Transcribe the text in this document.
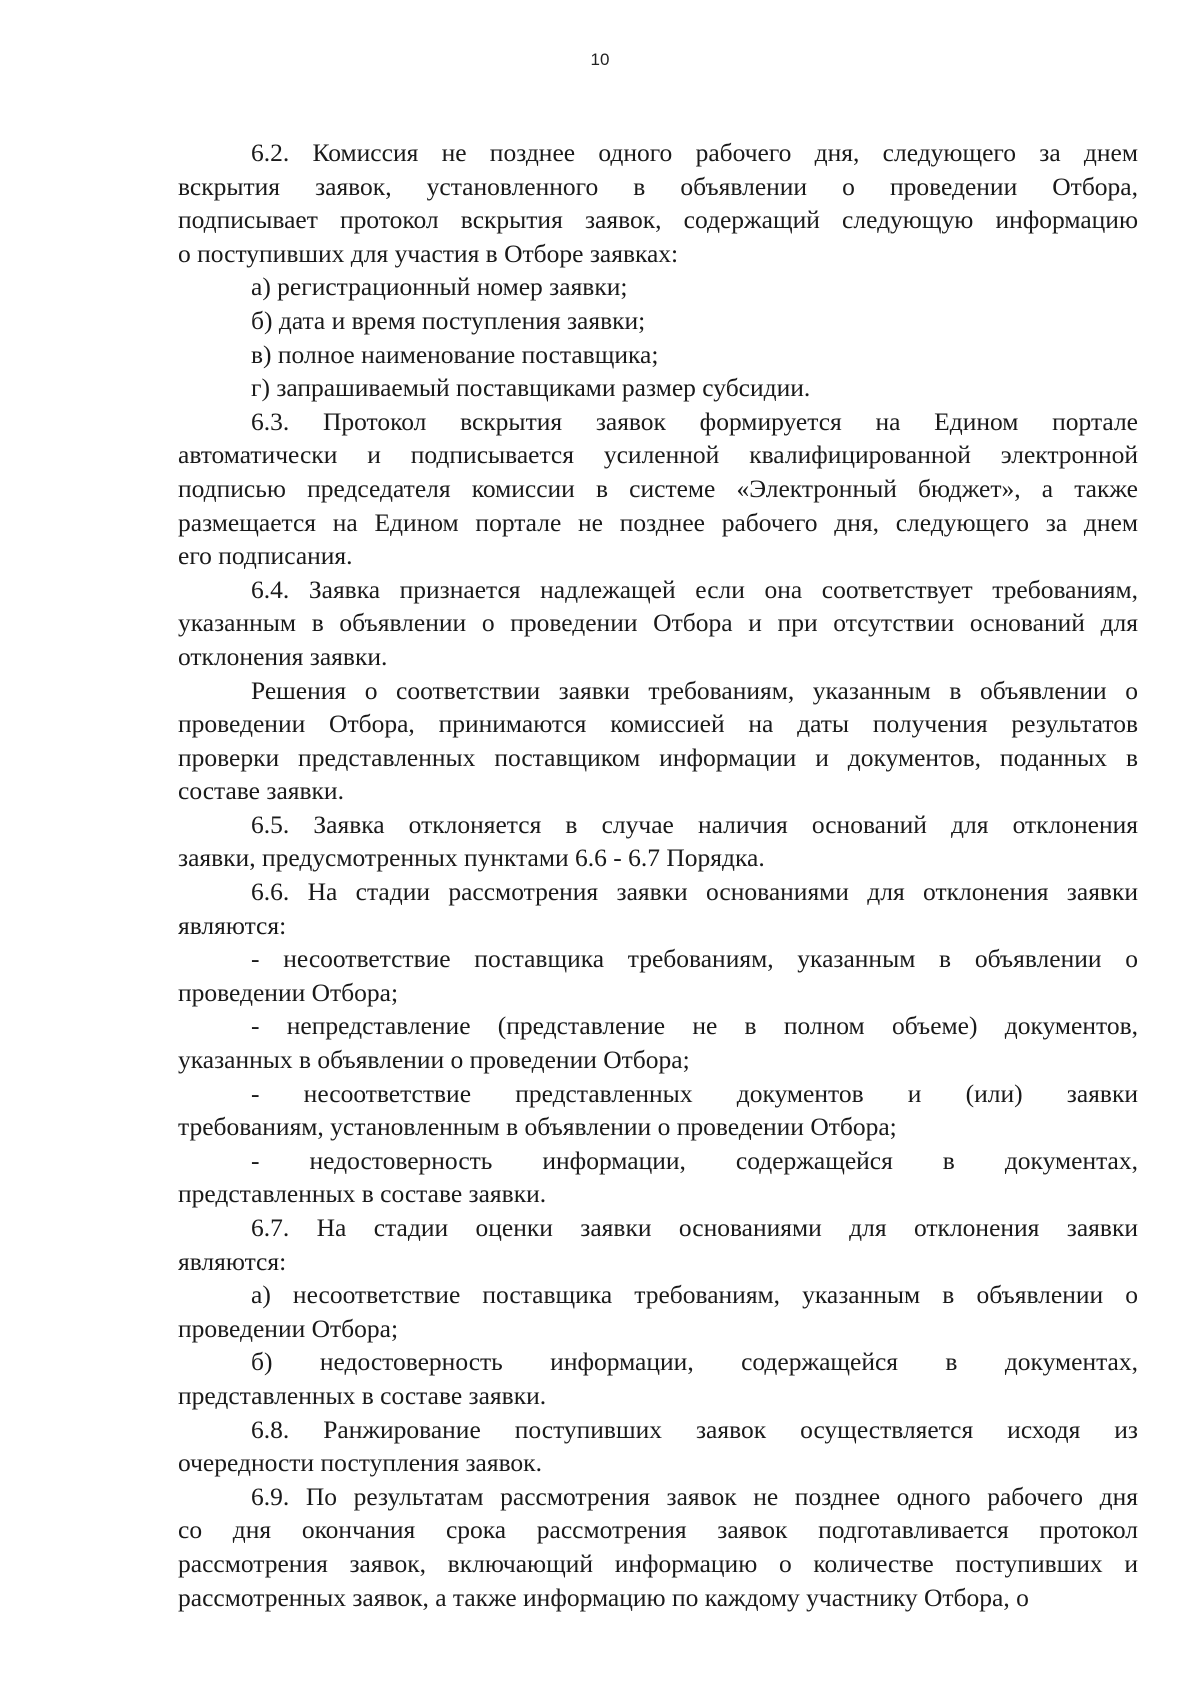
10

6.2. Комиссия не позднее одного рабочего дня, следующего за днем
вскрытия заявок, установленного в объявлении о проведении Отбора,
подписывает протокол вскрытия заявок, содержащий следующую информацию
о поступивших для участия в Отборе заявках:

а) регистрационный номер заявки;

б) дата и время поступления заявки;

в) полное наименование поставщика;

г) запрашиваемый поставщиками размер субсидии.

6.3. Протокол вскрытия заявок формируется на Едином портале
автоматически и подписывается усиленной квалифицированной электронной
подписью председателя комиссии в системе «Электронный бюджет», а также
размещается на Едином портале не позднее рабочего дня, следующего за днем
его подписания.

6.4. Заявка признается надлежащей если она соответствует требованиям,
указанным в объявлении о проведении Отбора и при отсутствии оснований для
отклонения заявки.

Решения о соответствии заявки требованиям, указанным в объявлении о
проведении Отбора, принимаются комиссией на даты получения результатов
проверки представленных поставщиком информации и документов, поданных в
составе заявки.

6.5. Заявка отклоняется в случае наличия оснований для отклонения
заявки, предусмотренных пунктами 6.6 - 6.7 Порядка.

6.6. На стадии рассмотрения заявки основаниями для отклонения заявки
являются:

- несоответствие поставщика требованиям, указанным в объявлении о
проведении Отбора;

- непредставление (представление не в полном объеме) документов,
указанных в объявлении о проведении Отбора;

- несоответствие представленных документов и (или) заявки
требованиям, установленным в объявлении о проведении Отбора;

- недостоверность информации, содержащейся в документах,
представленных в составе заявки.

6.7. На стадии оценки заявки основаниями для отклонения заявки
являются:

а) несоответствие поставщика требованиям, указанным в объявлении о
проведении Отбора;

б) недостоверность информации, содержащейся в документах,
представленных в составе заявки.

6.8. Ранжирование поступивших заявок осуществляется исходя из
очередности поступления заявок.

6.9. По результатам рассмотрения заявок не позднее одного рабочего дня
со дня окончания срока рассмотрения заявок подготавливается протокол
рассмотрения заявок, включающий информацию о количестве поступивших и
рассмотренных заявок, а также информацию по каждому участнику Отбора, о
